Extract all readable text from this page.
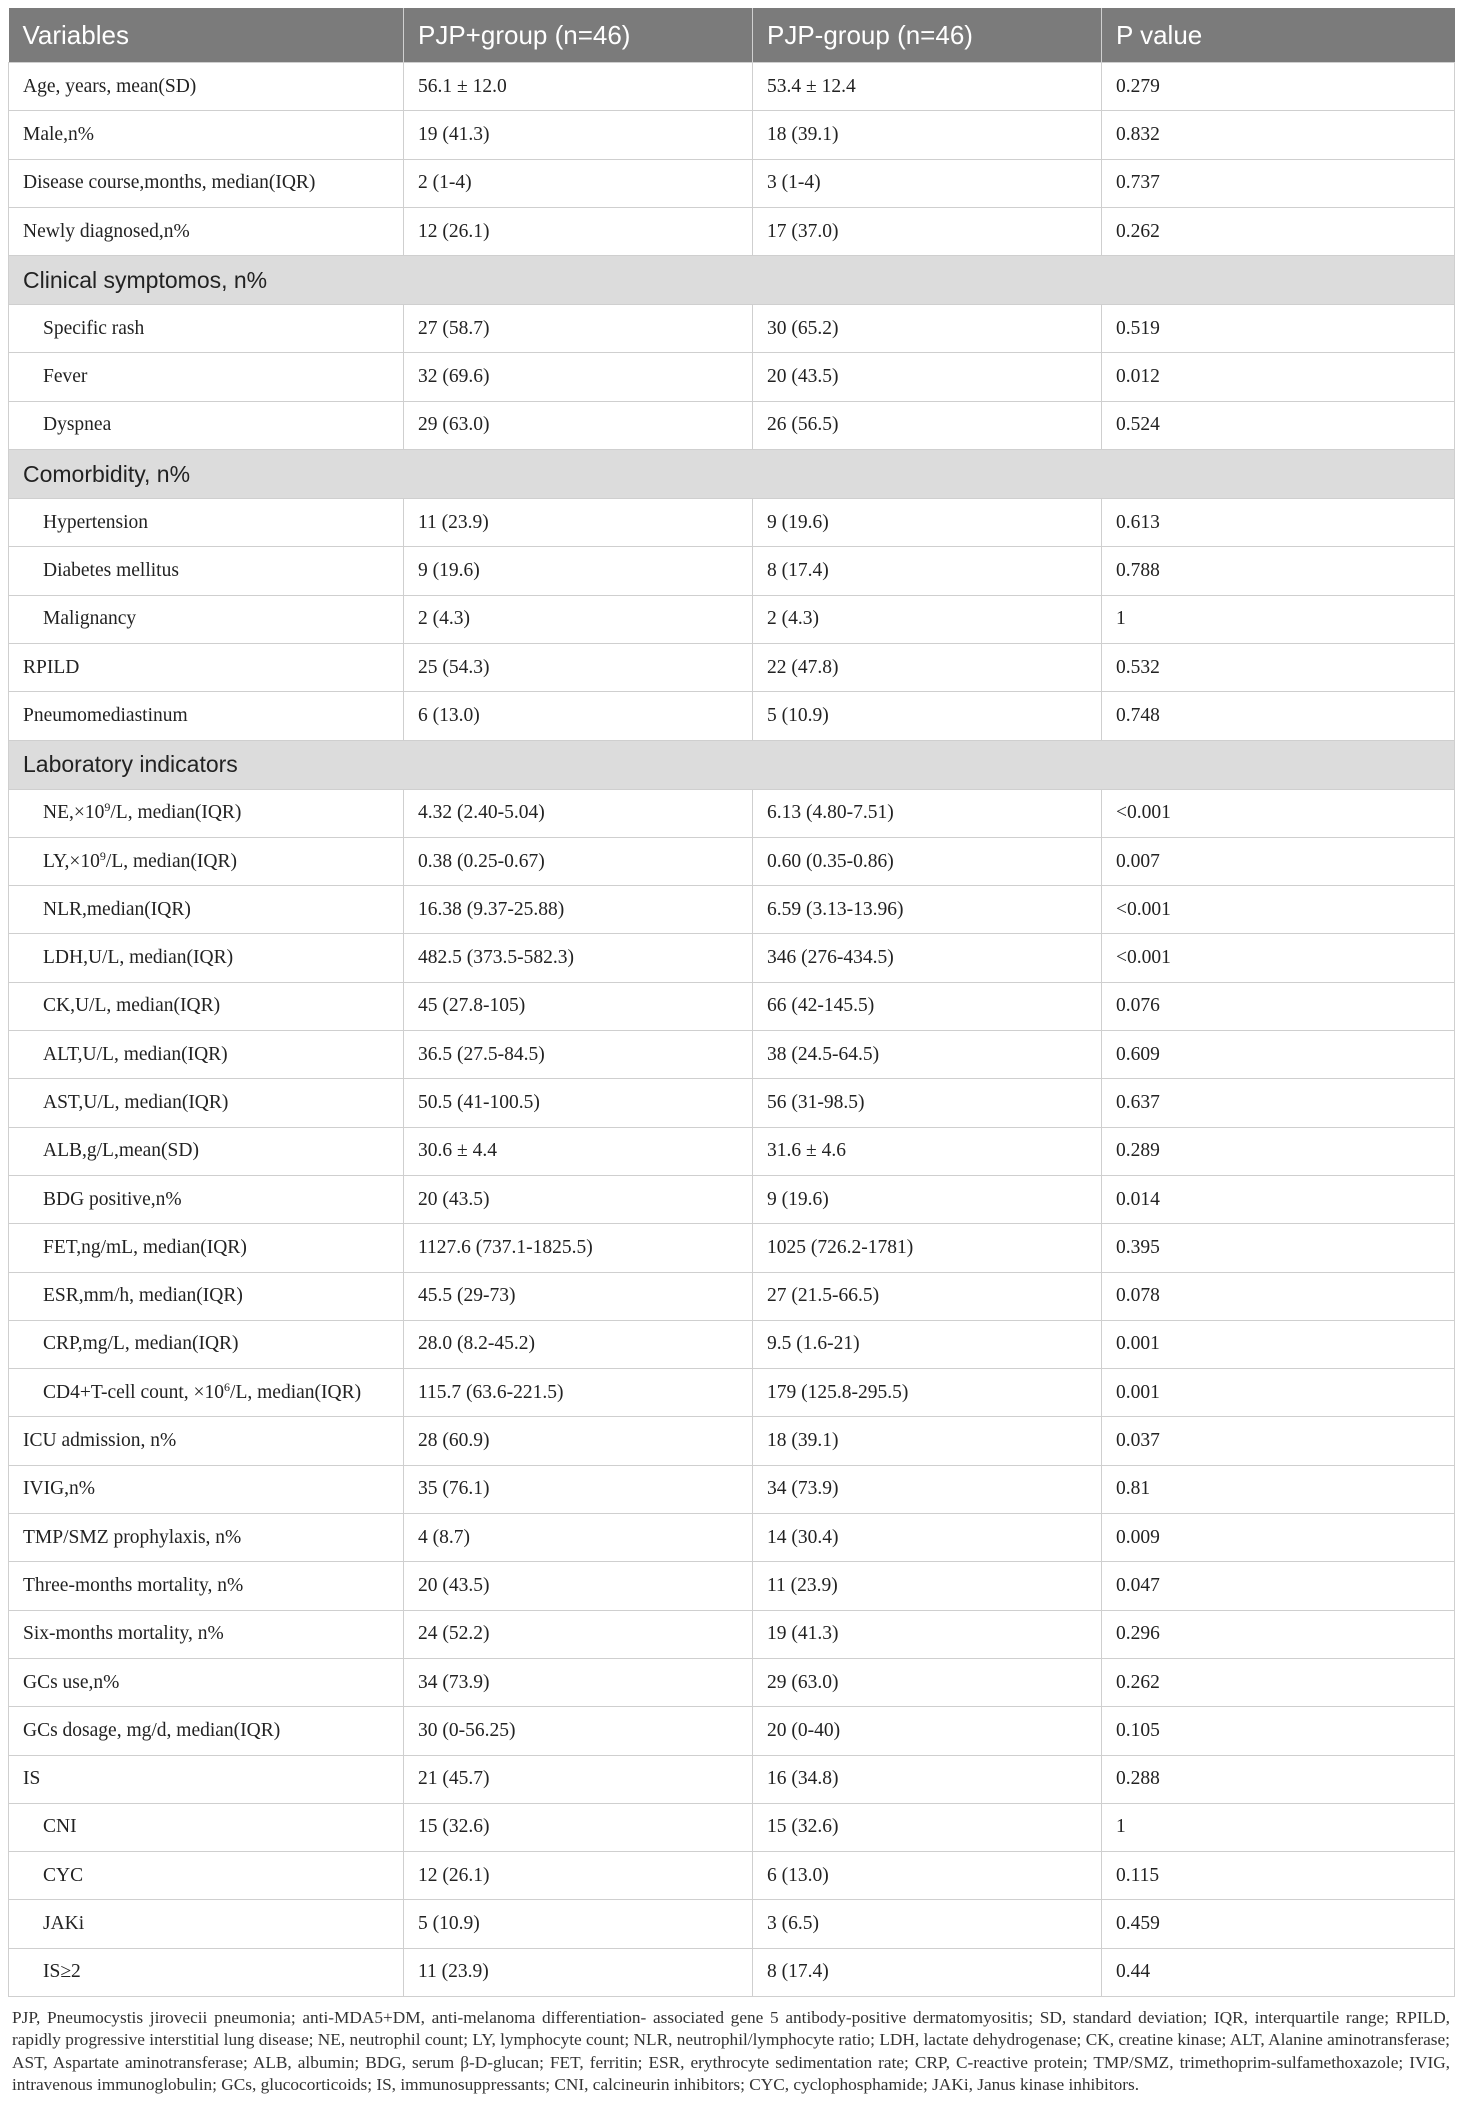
Variables	PJP+group (n=46)	PJP-group (n=46)	P value
Age, years, mean(SD)	56.1 ± 12.0	53.4 ± 12.4	0.279
Male,n%	19 (41.3)	18 (39.1)	0.832
Disease course,months, median(IQR)	2 (1-4)	3 (1-4)	0.737
Newly diagnosed,n%	12 (26.1)	17 (37.0)	0.262
Clinical symptomos, n%			
Specific rash	27 (58.7)	30 (65.2)	0.519
Fever	32 (69.6)	20 (43.5)	0.012
Dyspnea	29 (63.0)	26 (56.5)	0.524
Comorbidity, n%			
Hypertension	11 (23.9)	9 (19.6)	0.613
Diabetes mellitus	9 (19.6)	8 (17.4)	0.788
Malignancy	2 (4.3)	2 (4.3)	1
RPILD	25 (54.3)	22 (47.8)	0.532
Pneumomediastinum	6 (13.0)	5 (10.9)	0.748
Laboratory indicators			
$NE,\times 10^9/L$, median(IQR)	4.32 (2.40-5.04)	6.13 (4.80-7.51)	<0.001
$LY,\times 10^9/L$, median(IQR)	0.38 (0.25-0.67)	0.60 (0.35-0.86)	0.007
NLR,median(IQR)	16.38 (9.37-25.88)	6.59 (3.13-13.96)	<0.001
LDH,U/L, median(IQR)	482.5 (373.5-582.3)	346 (276-434.5)	<0.001
CK,U/L, median(IQR)	45 (27.8-105)	66 (42-145.5)	0.076
ALT,U/L, median(IQR)	36.5 (27.5-84.5)	38 (24.5-64.5)	0.609
AST,U/L, median(IQR)	50.5 (41-100.5)	56 (31-98.5)	0.637
ALB,g/L,mean(SD)	30.6 ± 4.4	31.6 ± 4.6	0.289
BDG positive,n%	20 (43.5)	9 (19.6)	0.014
FET,ng/mL, median(IQR)	1127.6 (737.1-1825.5)	1025 (726.2-1781)	0.395
ESR,mm/h, median(IQR)	45.5 (29-73)	27 (21.5-66.5)	0.078
CRP,mg/L, median(IQR)	28.0 (8.2-45.2)	9.5 (1.6-21)	0.001
CD4+T-cell count, $\times 10^6/L$, median(IQR)	115.7 (63.6-221.5)	179 (125.8-295.5)	0.001
ICU admission, n%	28 (60.9)	18 (39.1)	0.037
IVIG,n%	35 (76.1)	34 (73.9)	0.81
TMP/SMZ prophylaxis, n%	4 (8.7)	14 (30.4)	0.009
Three-months mortality, n%	20 (43.5)	11 (23.9)	0.047
Six-months mortality, n%	24 (52.2)	19 (41.3)	0.296
GCs use,n%	34 (73.9)	29 (63.0)	0.262
GCs dosage, mg/d, median(IQR)	30 (0-56.25)	20 (0-40)	0.105
IS	21 (45.7)	16 (34.8)	0.288
CNI	15 (32.6)	15 (32.6)	1
CYC	12 (26.1)	6 (13.0)	0.115
JAKi	5 (10.9)	3 (6.5)	0.459
IS≥2	11 (23.9)	8 (17.4)	0.44
PJP, Pneumocystis jirovecii pneumonia; anti-MDA5+DM, anti-melanoma differentiation- associated gene 5 antibody-positive dermatomyositis; SD, standard deviation; IQR, interquartile range; RPILD, rapidly progressive interstitial lung disease; NE, neutrophil count; LY, lymphocyte count; NLR, neutrophil/lymphocyte ratio; LDH, lactate dehydrogenase; CK, creatine kinase; ALT, Alanine aminotransferase; AST, Aspartate aminotransferase; ALB, albumin; BDG, serum β-D-glucan; FET, ferritin; ESR, erythrocyte sedimentation rate; CRP, C-reactive protein; TMP/SMZ, trimethoprim-sulfamethoxazole; IVIG, intravenous immunoglobulin; GCs, glucocorticoids; IS, immunosuppressants; CNI, calcineurin inhibitors; CYC, cyclophosphamide; JAKi, Janus kinase inhibitors.
